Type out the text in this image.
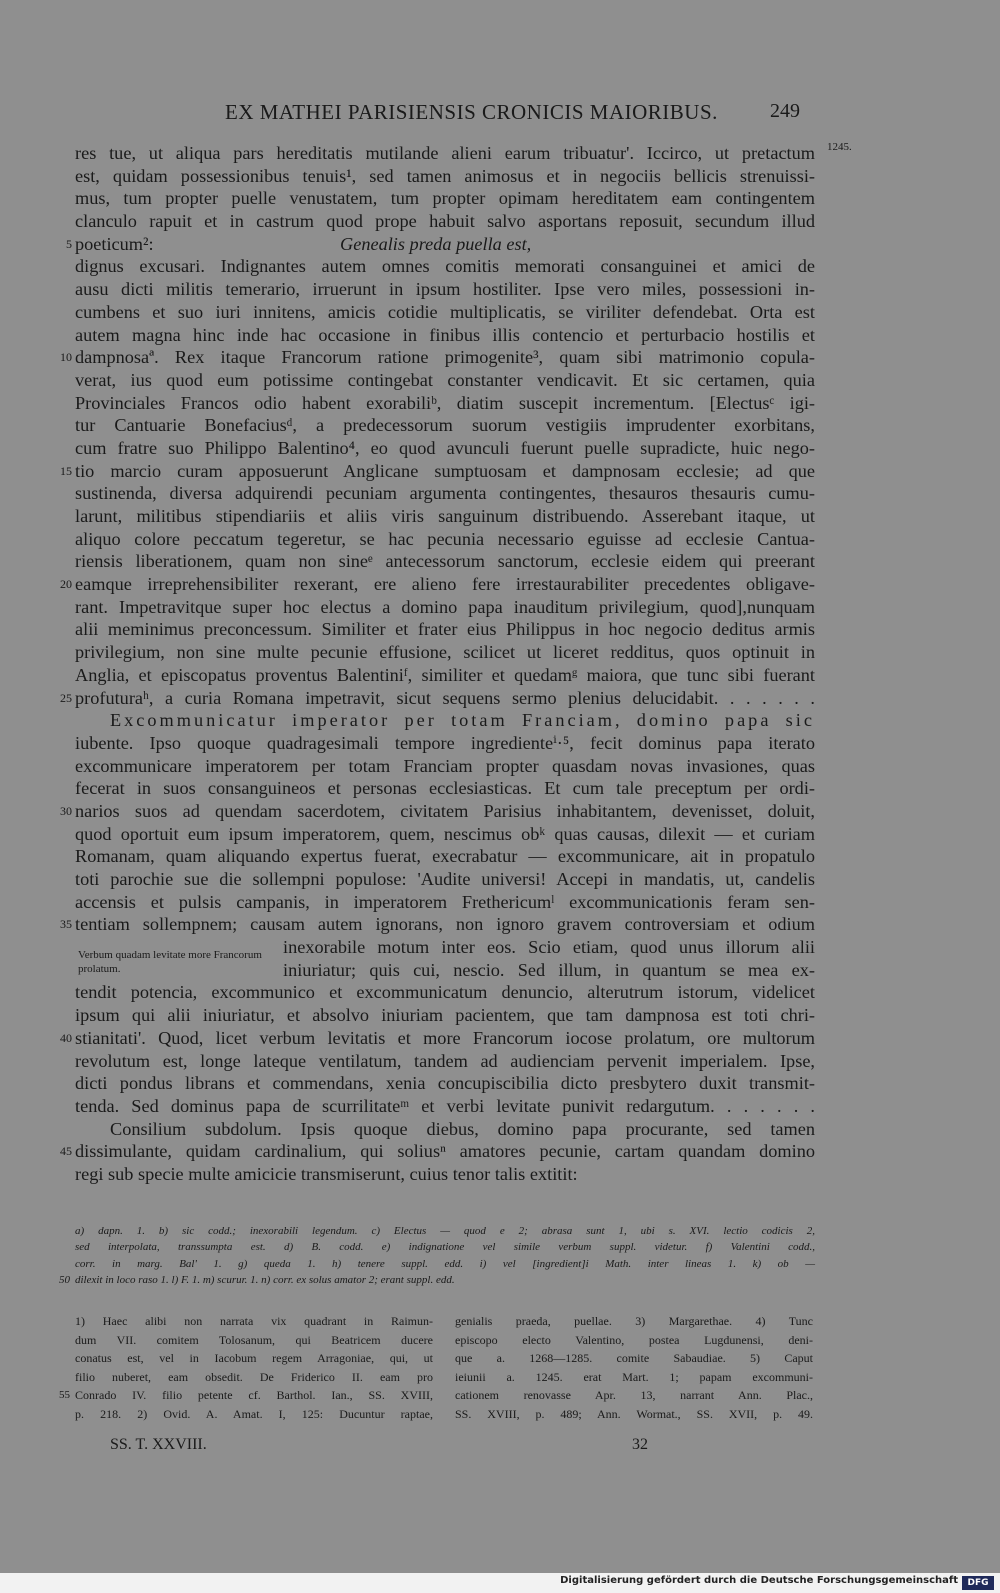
EX MATHEI PARISIENSIS CRONICIS MAIORIBUS.	249
1245.
res tue, ut aliqua pars hereditatis mutilande alieni earum tribuatur'. Iccirco, ut pretactum
est, quidam possessionibus tenuis¹, sed tamen animosus et in negociis bellicis strenuissi-
mus, tum propter puelle venustatem, tum propter opimam hereditatem eam contingentem
clanculo rapuit et in castrum quod prope habuit salvo asportans reposuit, secundum illud
5 poeticum²:	Genealis preda puella est,
dignus excusari. Indignantes autem omnes comitis memorati consanguinei et amici de
ausu dicti militis temerario, irruerunt in ipsum hostiliter. Ipse vero miles, possessioni in-
cumbens et suo iuri innitens, amicis cotidie multiplicatis, se viriliter defendebat. Orta est
autem magna hinc inde hac occasione in finibus illis contencio et perturbacio hostilis et
10 dampnosaª. Rex itaque Francorum ratione primogenite³, quam sibi matrimonio copula-
verat, ius quod eum potissime contingebat constanter vendicavit. Et sic certamen, quia
Provinciales Francos odio habent exorabiliᵇ, diatim suscepit incrementum. [Electusᶜ igi-
tur Cantuarie Bonefaciusᵈ, a predecessorum suorum vestigiis imprudenter exorbitans,
cum fratre suo Philippo Balentino⁴, eo quod avunculi fuerunt puelle supradicte, huic nego-
15 tio marcio curam apposuerunt Anglicane sumptuosam et dampnosam ecclesie; ad que
sustinenda, diversa adquirendi pecuniam argumenta contingentes, thesauros thesauris cumu-
larunt, militibus stipendiariis et aliis viris sanguinum distribuendo. Asserebant itaque, ut
aliquo colore peccatum tegeretur, se hac pecunia necessario eguisse ad ecclesie Cantua-
riensis liberationem, quam non sineᵉ antecessorum sanctorum, ecclesie eidem qui preerant
20 eamque irreprehensibiliter rexerant, ere alieno fere irrestaurabiliter precedentes obligave-
rant. Impetravitque super hoc electus a domino papa inauditum privilegium, quod],nunquam
alii meminimus preconcessum. Similiter et frater eius Philippus in hoc negocio deditus armis
privilegium, non sine multe pecunie effusione, scilicet ut liceret redditus, quos optinuit in
Anglia, et episcopatus proventus Balentiniᶠ, similiter et quedamᵍ maiora, que tunc sibi fuerant
25 profuturaʰ, a curia Romana impetravit, sicut sequens sermo plenius delucidabit. . . . . . .
Excommunicatur imperator per totam Franciam, domino papa sic
iubente. Ipso quoque quadragesimali tempore ingredienteⁱ·⁵, fecit dominus papa iterato
excommunicare imperatorem per totam Franciam propter quasdam novas invasiones, quas
fecerat in suos consanguineos et personas ecclesiasticas. Et cum tale preceptum per ordi-
30 narios suos ad quendam sacerdotem, civitatem Parisius inhabitantem, devenisset, doluit,
quod oportuit eum ipsum imperatorem, quem, nescimus obᵏ quas causas, dilexit — et curiam
Romanam, quam aliquando expertus fuerat, execrabatur — excommunicare, ait in propatulo
toti parochie sue die sollempni populose: 'Audite universi! Accepi in mandatis, ut, candelis
accensis et pulsis campanis, in imperatorem Frethericumˡ excommunicationis feram sen-
35 tentiam sollempnem; causam autem ignorans, non ignoro gravem controversiam et odium
inexorabile motum inter eos. Scio etiam, quod unus illorum alii
iniuriatur; quis cui, nescio. Sed illum, in quantum se mea ex-
tendit potencia, excommunico et excommunicatum denuncio, alterutrum istorum, videlicet
ipsum qui alii iniuriatur, et absolvo iniuriam pacientem, que tam dampnosa est toti chri-
40 stianitati'. Quod, licet verbum levitatis et more Francorum iocose prolatum, ore multorum
revolutum est, longe lateque ventilatum, tandem ad audienciam pervenit imperialem. Ipse,
dicti pondus librans et commendans, xenia concupiscibilia dicto presbytero duxit transmit-
tenda. Sed dominus papa de scurrilitateᵐ et verbi levitate punivit redargutum. . . . . . .
Consilium subdolum. Ipsis quoque diebus, domino papa procurante, sed tamen
45 dissimulante, quidam cardinalium, qui soliusⁿ amatores pecunie, cartam quandam domino
regi sub specie multe amicicie transmiserunt, cuius tenor talis extitit:
Verbum quadam levitate more Francorum prolatum.
a) dapn. 1. b) sic codd.; inexorabili legendum. c) Electus — quod e 2; abrasa sunt 1, ubi s. XVI. lectio codicis 2,
sed interpolata, transsumpta est. d) B. codd. e) indignatione vel simile verbum suppl. videtur. f) Valentini codd.,
corr. in marg. Bal' 1. g) queda 1. h) tenere suppl. edd. i) vel [ingredient]i Math. inter lineas 1. k) ob —
50 dilexit in loco raso 1. l) F. 1. m) scurur. 1. n) corr. ex solus amator 2; erant suppl. edd.
1) Haec alibi non narrata vix quadrant in Raimun-
dum VII. comitem Tolosanum, qui Beatricem ducere
conatus est, vel in Iacobum regem Arragoniae, qui, ut
filio nuberet, eam obsedit. De Friderico II. eam pro
55 Conrado IV. filio petente cf. Barthol. Ian., SS. XVIII,
p. 218. 2) Ovid. A. Amat. I, 125: Ducuntur raptae,
genialis praeda, puellae. 3) Margarethae. 4) Tunc
episcopo electo Valentino, postea Lugdunensi, deni-
que a. 1268—1285. comite Sabaudiae. 5) Caput
ieiunii a. 1245. erat Mart. 1; papam excommuni-
cationem renovasse Apr. 13, narrant Ann. Plac.,
SS. XVIII, p. 489; Ann. Wormat., SS. XVII, p. 49.
SS. T. XXVIII.	32
Digitalisierung gefördert durch die Deutsche Forschungsgemeinschaft	DFG
